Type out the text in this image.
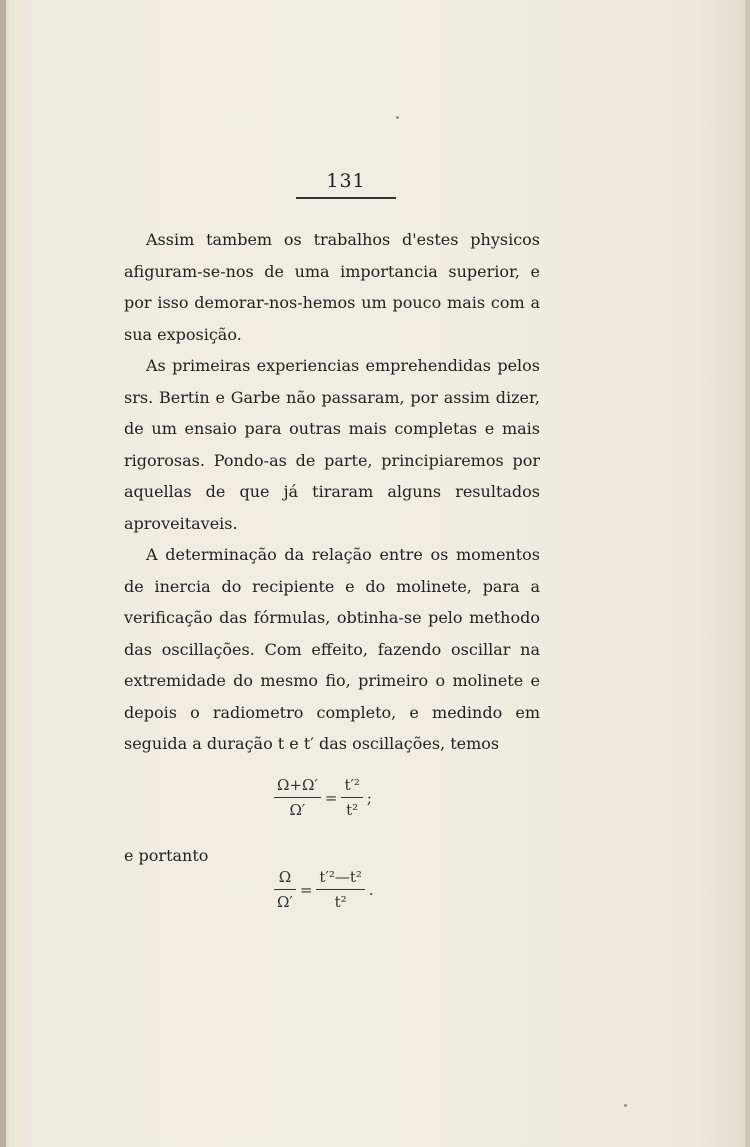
131

Assim tambem os trabalhos d'estes physicos afiguram-se-nos de uma importancia superior, e por isso demorar-nos-hemos um pouco mais com a sua exposição.

As primeiras experiencias emprehendidas pelos srs. Bertin e Garbe não passaram, por assim dizer, de um ensaio para outras mais completas e mais rigorosas. Pondo-as de parte, principiaremos por aquellas de que já tiraram alguns resultados aproveitaveis.

A determinação da relação entre os momentos de inercia do recipiente e do molinete, para a verificação das fórmulas, obtinha-se pelo methodo das oscillações. Com effeito, fazendo oscillar na extremidade do mesmo fio, primeiro o molinete e depois o radiometro completo, e medindo em seguida a duração t e t′ das oscillações, temos

$\frac{\Omega+\Omega'}{\Omega'} = \frac{\text{t′²}}{\text{t²}}$ ;
e portanto
$\frac{\Omega}{\Omega'} = \frac{\text{t′²—t²}}{\text{t²}}$ .
